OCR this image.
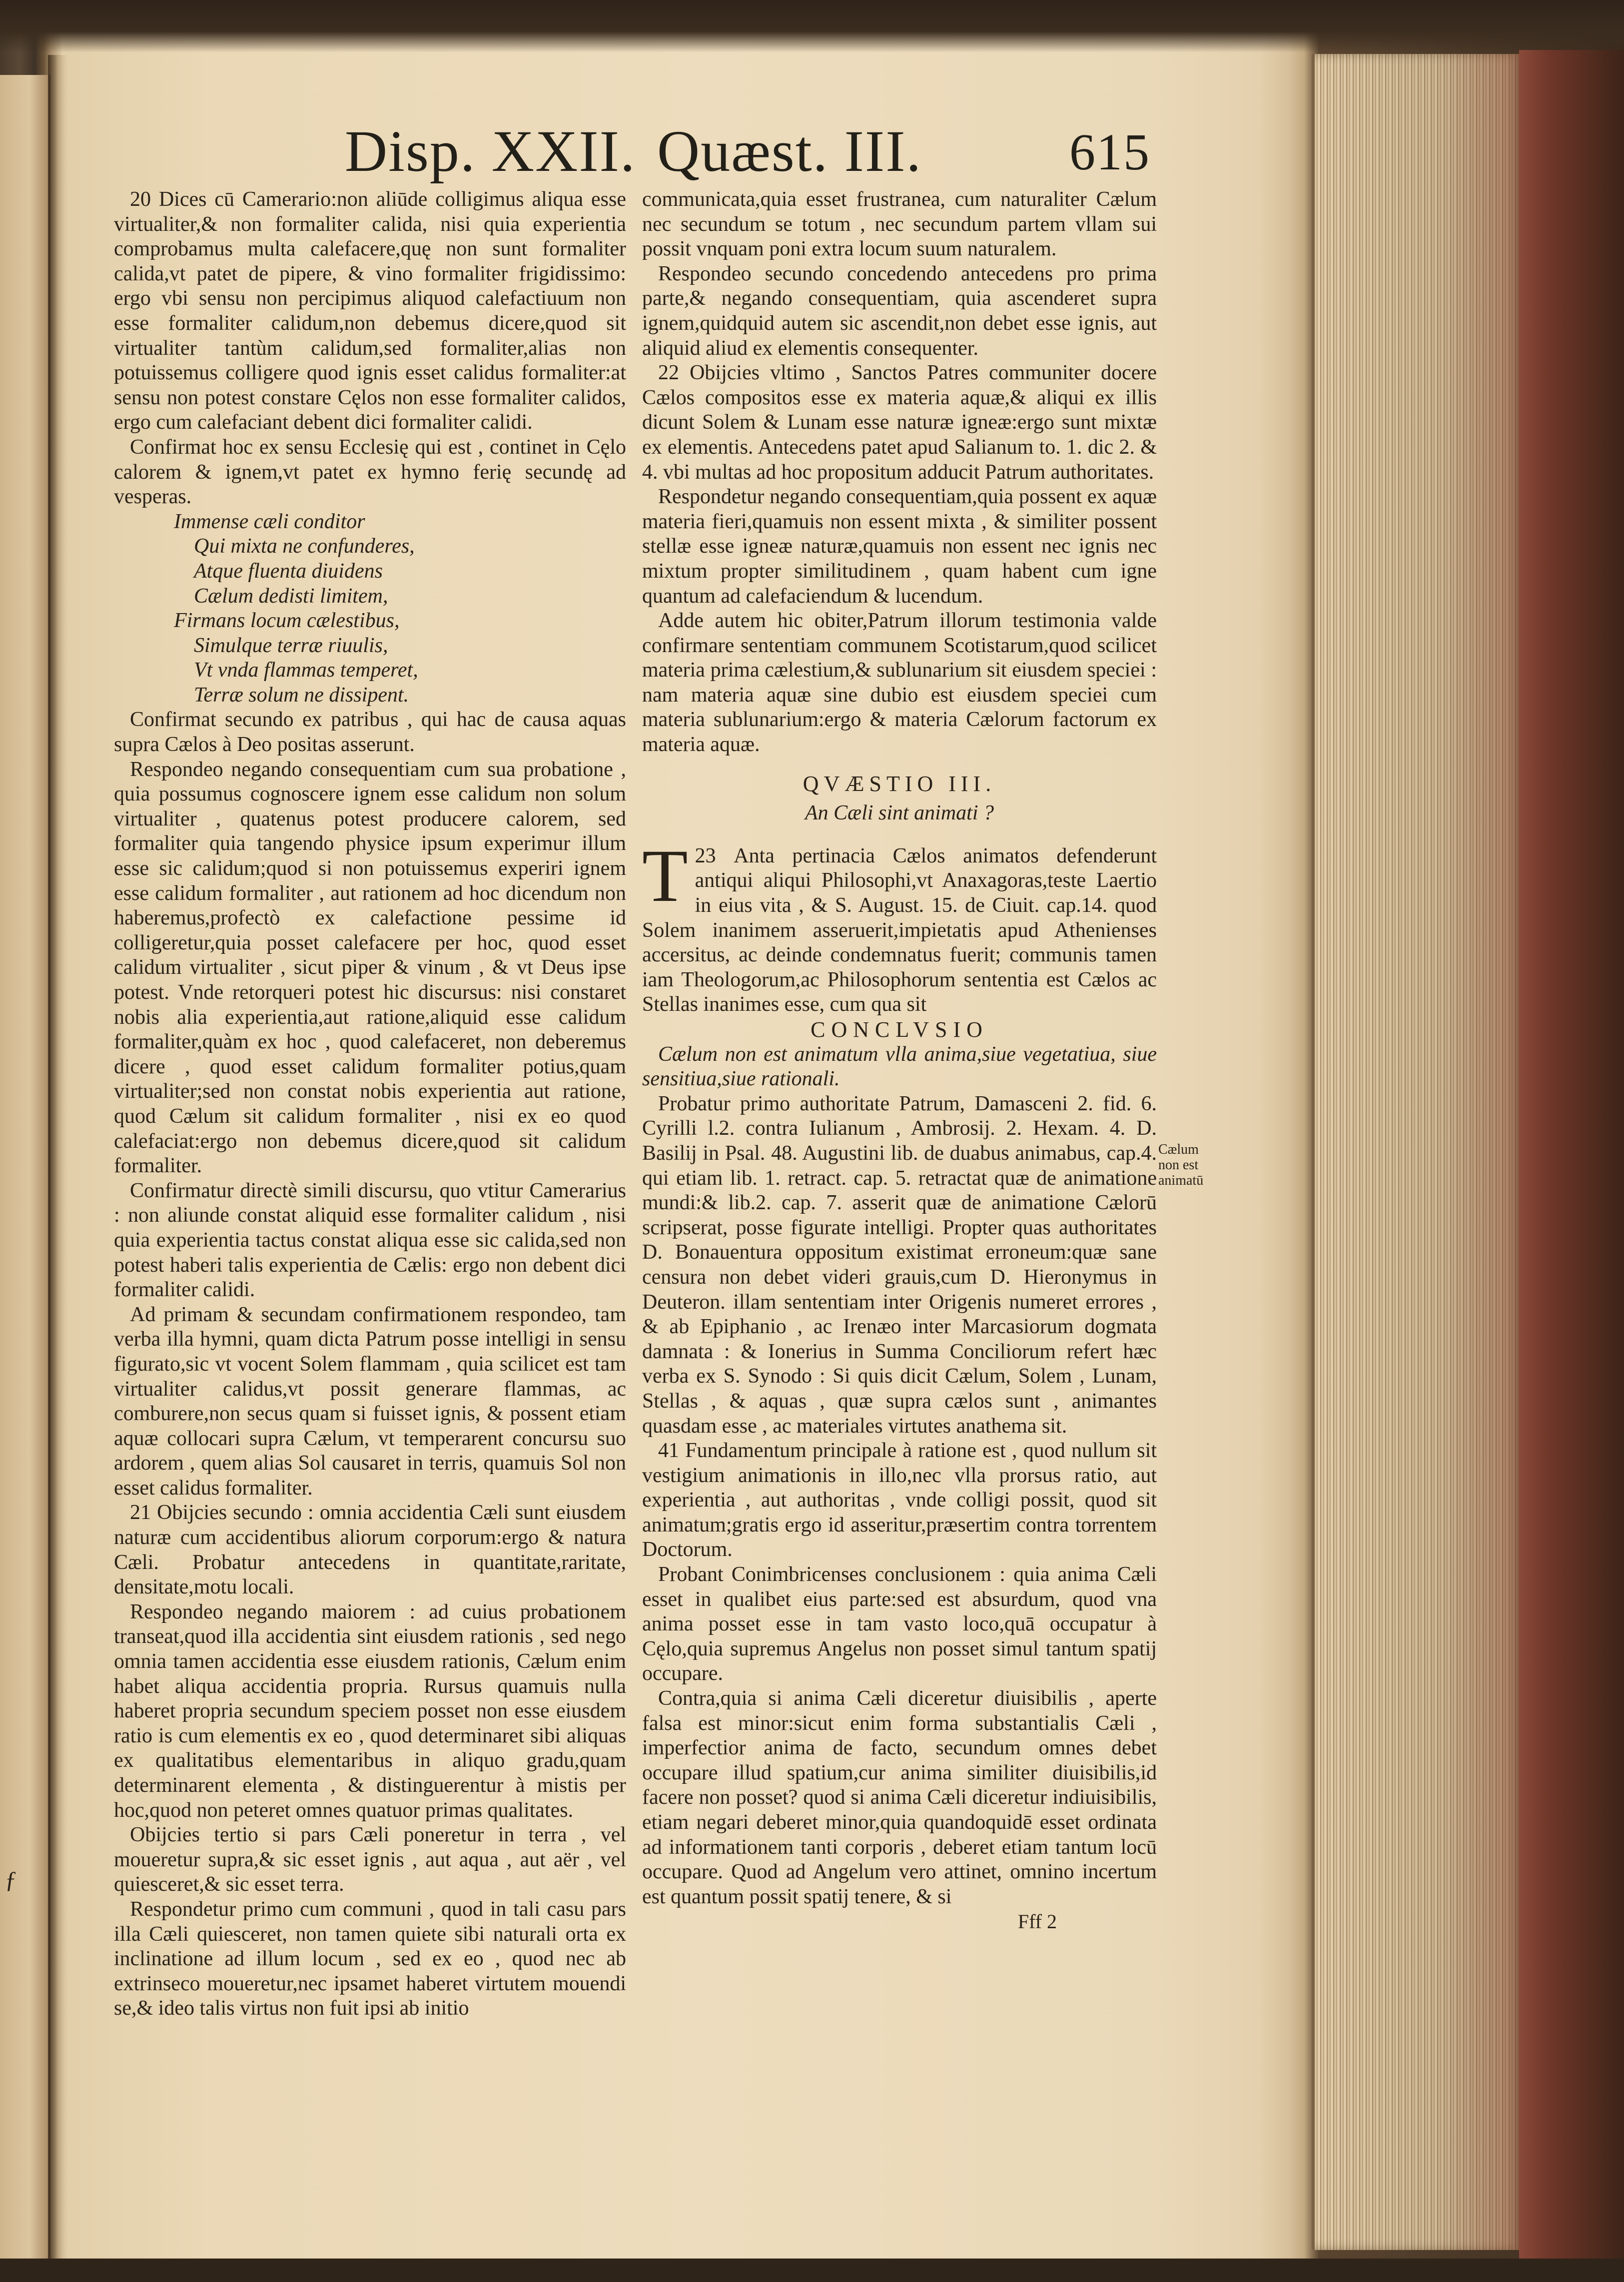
Disp. XXII. Quæst. III.	615

20 Dices cū Camerario:non aliūde colligimus aliqua esse virtualiter,& non formaliter calida, nisi quia experientia comprobamus multa calefacere,quę non sunt formaliter calida,vt patet de pipere, & vino formaliter frigidissimo: ergo vbi sensu non percipimus aliquod calefactiuum non esse formaliter calidum,non debemus dicere,quod sit virtualiter tantùm calidum,sed formaliter,alias non potuissemus colligere quod ignis esset calidus formaliter:at sensu non potest constare Cęlos non esse formaliter calidos, ergo cum calefaciant debent dici formaliter calidi.

Confirmat hoc ex sensu Ecclesię qui est , continet in Cęlo calorem & ignem,vt patet ex hymno ferię secundę ad vesperas.

Immense cæli conditor
Qui mixta ne confunderes,
Atque fluenta diuidens
Cælum dedisti limitem,
Firmans locum cælestibus,
Simulque terræ riuulis,
Vt vnda flammas temperet,
Terræ solum ne dissipent.

Confirmat secundo ex patribus , qui hac de causa aquas supra Cælos à Deo positas asserunt.

Respondeo negando consequentiam cum sua probatione , quia possumus cognoscere ignem esse calidum non solum virtualiter , quatenus potest producere calorem, sed formaliter quia tangendo physice ipsum experimur illum esse sic calidum;quod si non potuissemus experiri ignem esse calidum formaliter , aut rationem ad hoc dicendum non haberemus,profectò ex calefactione pessime id colligeretur,quia posset calefacere per hoc, quod esset calidum virtualiter , sicut piper & vinum , & vt Deus ipse potest. Vnde retorqueri potest hic discursus: nisi constaret nobis alia experientia,aut ratione,aliquid esse calidum formaliter,quàm ex hoc , quod calefaceret, non deberemus dicere , quod esset calidum formaliter potius,quam virtualiter;sed non constat nobis experientia aut ratione, quod Cælum sit calidum formaliter , nisi ex eo quod calefaciat:ergo non debemus dicere,quod sit calidum formaliter.

Confirmatur directè simili discursu, quo vtitur Camerarius : non aliunde constat aliquid esse formaliter calidum , nisi quia experientia tactus constat aliqua esse sic calida,sed non potest haberi talis experientia de Cælis: ergo non debent dici formaliter calidi.

Ad primam & secundam confirmationem respondeo, tam verba illa hymni, quam dicta Patrum posse intelligi in sensu figurato,sic vt vocent Solem flammam , quia scilicet est tam virtualiter calidus,vt possit generare flammas, ac comburere,non secus quam si fuisset ignis, & possent etiam aquæ collocari supra Cælum, vt temperarent concursu suo ardorem , quem alias Sol causaret in terris, quamuis Sol non esset calidus formaliter.

21 Obijcies secundo : omnia accidentia Cæli sunt eiusdem naturæ cum accidentibus aliorum corporum:ergo & natura Cæli. Probatur antecedens in quantitate,raritate, densitate,motu locali.

Respondeo negando maiorem : ad cuius probationem transeat,quod illa accidentia sint eiusdem rationis , sed nego omnia tamen accidentia esse eiusdem rationis, Cælum enim habet aliqua accidentia propria. Rursus quamuis nulla haberet propria secundum speciem posset non esse eiusdem ratio is cum elementis ex eo , quod determinaret sibi aliquas ex qualitatibus elementaribus in aliquo gradu,quam determinarent elementa , & distinguerentur à mistis per hoc,quod non peteret omnes quatuor primas qualitates.

Obijcies tertio si pars Cæli poneretur in terra , vel moueretur supra,& sic esset ignis , aut aqua , aut aër , vel quiesceret,& sic esset terra.

Respondetur primo cum communi , quod in tali casu pars illa Cæli quiesceret, non tamen quiete sibi naturali orta ex inclinatione ad illum locum , sed ex eo , quod nec ab extrinseco moueretur,nec ipsamet haberet virtutem mouendi se,& ideo talis virtus non fuit ipsi ab initio

communicata,quia esset frustranea, cum naturaliter Cælum nec secundum se totum , nec secundum partem vllam sui possit vnquam poni extra locum suum naturalem.

Respondeo secundo concedendo antecedens pro prima parte,& negando consequentiam, quia ascenderet supra ignem,quidquid autem sic ascendit,non debet esse ignis, aut aliquid aliud ex elementis consequenter.

22 Obijcies vltimo , Sanctos Patres communiter docere Cælos compositos esse ex materia aquæ,& aliqui ex illis dicunt Solem & Lunam esse naturæ igneæ:ergo sunt mixtæ ex elementis. Antecedens patet apud Salianum to. 1. dic 2. & 4. vbi multas ad hoc propositum adducit Patrum authoritates.

Respondetur negando consequentiam,quia possent ex aquæ materia fieri,quamuis non essent mixta , & similiter possent stellæ esse igneæ naturæ,quamuis non essent nec ignis nec mixtum propter similitudinem , quam habent cum igne quantum ad calefaciendum & lucendum.

Adde autem hic obiter,Patrum illorum testimonia valde confirmare sententiam communem Scotistarum,quod scilicet materia prima cælestium,& sublunarium sit eiusdem speciei : nam materia aquæ sine dubio est eiusdem speciei cum materia sublunarium:ergo & materia Cælorum factorum ex materia aquæ.

QVÆSTIO III.
An Cæli sint animati ?

23
T Anta pertinacia Cælos animatos defenderunt antiqui aliqui Philosophi,vt Anaxagoras,teste Laertio in eius vita , & S. August. 15. de Ciuit. cap.14. quod Solem inanimem asseruerit,impietatis apud Athenienses accersitus, ac deinde condemnatus fuerit; communis tamen iam Theologorum,ac Philosophorum sententia est Cælos ac Stellas inanimes esse, cum qua sit

CONCLVSIO

Cælum non est animatum vlla anima,siue vegetatiua, siue sensitiua,siue rationali.

Probatur primo authoritate Patrum, Damasceni 2. fid. 6. Cyrilli l.2. contra Iulianum , Ambrosij. 2. Hexam. 4. D. Basilij in Psal. 48. Augustini lib. de duabus animabus, cap.4. qui etiam lib. 1. retract. cap. 5. retractat quæ de animatione mundi:& lib.2. cap. 7. asserit quæ de animatione Cælorū scripserat, posse figurate intelligi. Propter quas authoritates D. Bonauentura oppositum existimat erroneum:quæ sane censura non debet videri grauis,cum D. Hieronymus in Deuteron. illam sententiam inter Origenis numeret errores , & ab Epiphanio , ac Irenæo inter Marcasiorum dogmata damnata : & Ionerius in Summa Conciliorum refert hæc verba ex S. Synodo : Si quis dicit Cælum, Solem , Lunam, Stellas , & aquas , quæ supra cælos sunt , animantes quasdam esse , ac materiales virtutes anathema sit.

41 Fundamentum principale à ratione est , quod nullum sit vestigium animationis in illo,nec vlla prorsus ratio, aut experientia , aut authoritas , vnde colligi possit, quod sit animatum;gratis ergo id asseritur,præsertim contra torrentem Doctorum.

Probant Conimbricenses conclusionem : quia anima Cæli esset in qualibet eius parte:sed est absurdum, quod vna anima posset esse in tam vasto loco,quā occupatur à Cęlo,quia supremus Angelus non posset simul tantum spatij occupare.

Contra,quia si anima Cæli diceretur diuisibilis , aperte falsa est minor:sicut enim forma substantialis Cæli , imperfectior anima de facto, secundum omnes debet occupare illud spatium,cur anima similiter diuisibilis,id facere non posset? quod si anima Cæli diceretur indiuisibilis, etiam negari deberet minor,quia quandoquidē esset ordinata ad informationem tanti corporis , deberet etiam tantum locū occupare. Quod ad Angelum vero attinet, omnino incertum est quantum possit spatij tenere, & si

Fff 2
Cælum
non est
animatū
ƒ
